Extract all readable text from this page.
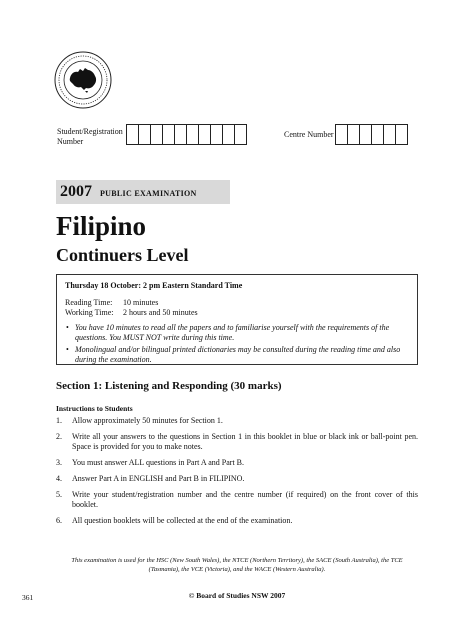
Student/Registration Number
Centre Number
2007 PUBLIC EXAMINATION
Filipino
Continuers Level
Thursday 18 October: 2 pm Eastern Standard Time
Reading Time:	10 minutes
Working Time:	2 hours and 50 minutes
• You have 10 minutes to read all the papers and to familiarise yourself with the requirements of the questions. You MUST NOT write during this time.
• Monolingual and/or bilingual printed dictionaries may be consulted during the reading time and also during the examination.
Section 1: Listening and Responding (30 marks)
Instructions to Students
1.	Allow approximately 50 minutes for Section 1.
2.	Write all your answers to the questions in Section 1 in this booklet in blue or black ink or ball-point pen. Space is provided for you to make notes.
3.	You must answer ALL questions in Part A and Part B.
4.	Answer Part A in ENGLISH and Part B in FILIPINO.
5.	Write your student/registration number and the centre number (if required) on the front cover of this booklet.
6.	All question booklets will be collected at the end of the examination.
This examination is used for the HSC (New South Wales), the NTCE (Northern Territory), the SACE (South Australia), the TCE (Tasmania), the VCE (Victoria), and the WACE (Western Australia).
361	© Board of Studies NSW 2007
